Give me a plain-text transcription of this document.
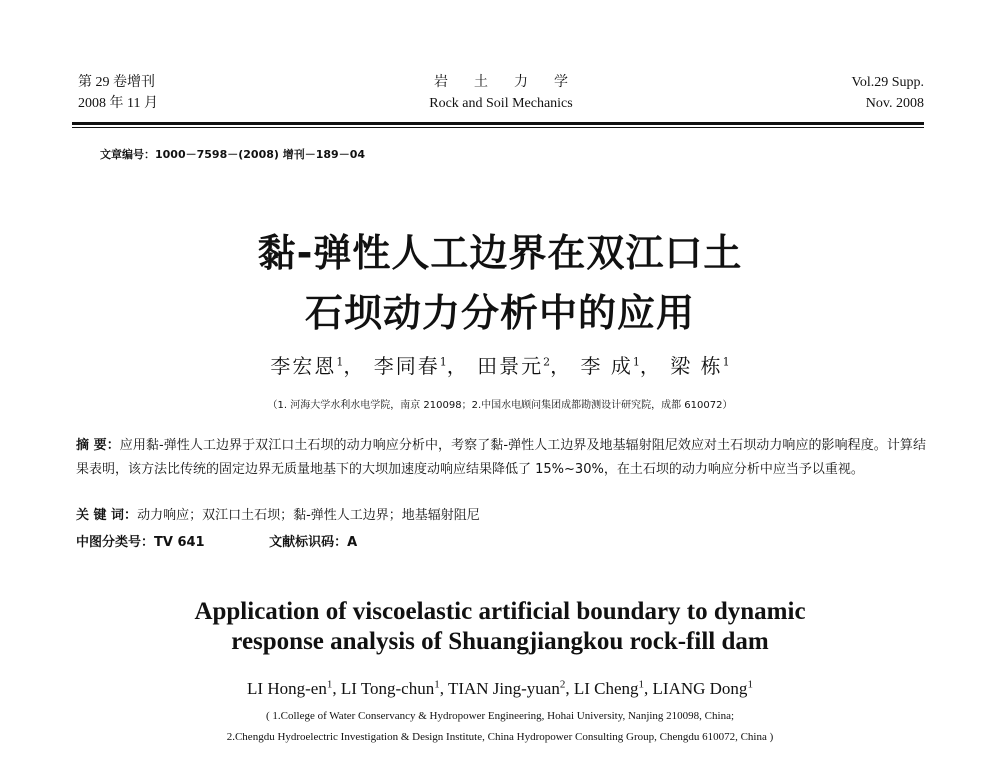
第 29 卷增刊
2008 年 11 月
岩土力学
Rock and Soil Mechanics
Vol.29 Supp.
Nov. 2008
文章编号：1000－7598－(2008) 增刊－189－04
黏-弹性人工边界在双江口土
石坝动力分析中的应用
李宏恩$^1$， 李同春$^1$， 田景元$^2$， 李 成$^1$， 梁 栋$^1$
（1. 河海大学水利水电学院，南京 210098；2.中国水电顾问集团成都勘测设计研究院，成都 610072）
摘 要：应用黏-弹性人工边界于双江口土石坝的动力响应分析中，考察了黏-弹性人工边界及地基辐射阻尼效应对土石坝动力响应的影响程度。计算结果表明，该方法比传统的固定边界无质量地基下的大坝加速度动响应结果降低了 15%~30%，在土石坝的动力响应分析中应当予以重视。
关 键 词：动力响应；双江口土石坝；黏-弹性人工边界；地基辐射阻尼
中图分类号：TV 641	文献标识码：A
Application of viscoelastic artificial boundary to dynamic
response analysis of Shuangjiangkou rock-fill dam
LI Hong-$en^1$, LI Tong-chun$^1$, TIAN Jing-yuan$^2$, LI Cheng$^1$, LIANG Dong$^1$
( 1.College of Water Conservancy & Hydropower Engineering, Hohai University, Nanjing 210098, China;
2.Chengdu Hydroelectric Investigation & Design Institute, China Hydropower Consulting Group, Chengdu 610072, China )
